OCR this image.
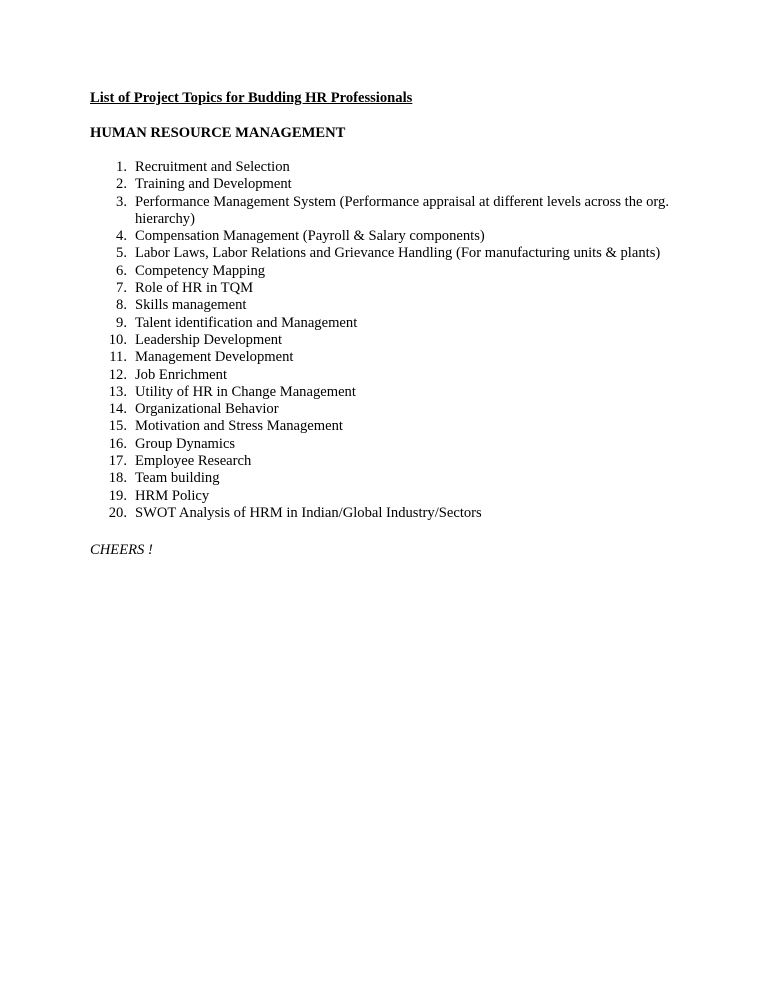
List of Project Topics for Budding HR Professionals
HUMAN RESOURCE MANAGEMENT
1. Recruitment and Selection
2. Training and Development
3. Performance Management System (Performance appraisal at different levels across the org. hierarchy)
4. Compensation Management (Payroll & Salary components)
5. Labor Laws, Labor Relations and Grievance Handling (For manufacturing units & plants)
6. Competency Mapping
7. Role of HR in TQM
8. Skills management
9. Talent identification and Management
10. Leadership Development
11. Management Development
12. Job Enrichment
13. Utility of HR in Change Management
14. Organizational Behavior
15. Motivation and Stress Management
16. Group Dynamics
17. Employee Research
18. Team building
19. HRM Policy
20. SWOT Analysis of HRM in Indian/Global Industry/Sectors
CHEERS !
